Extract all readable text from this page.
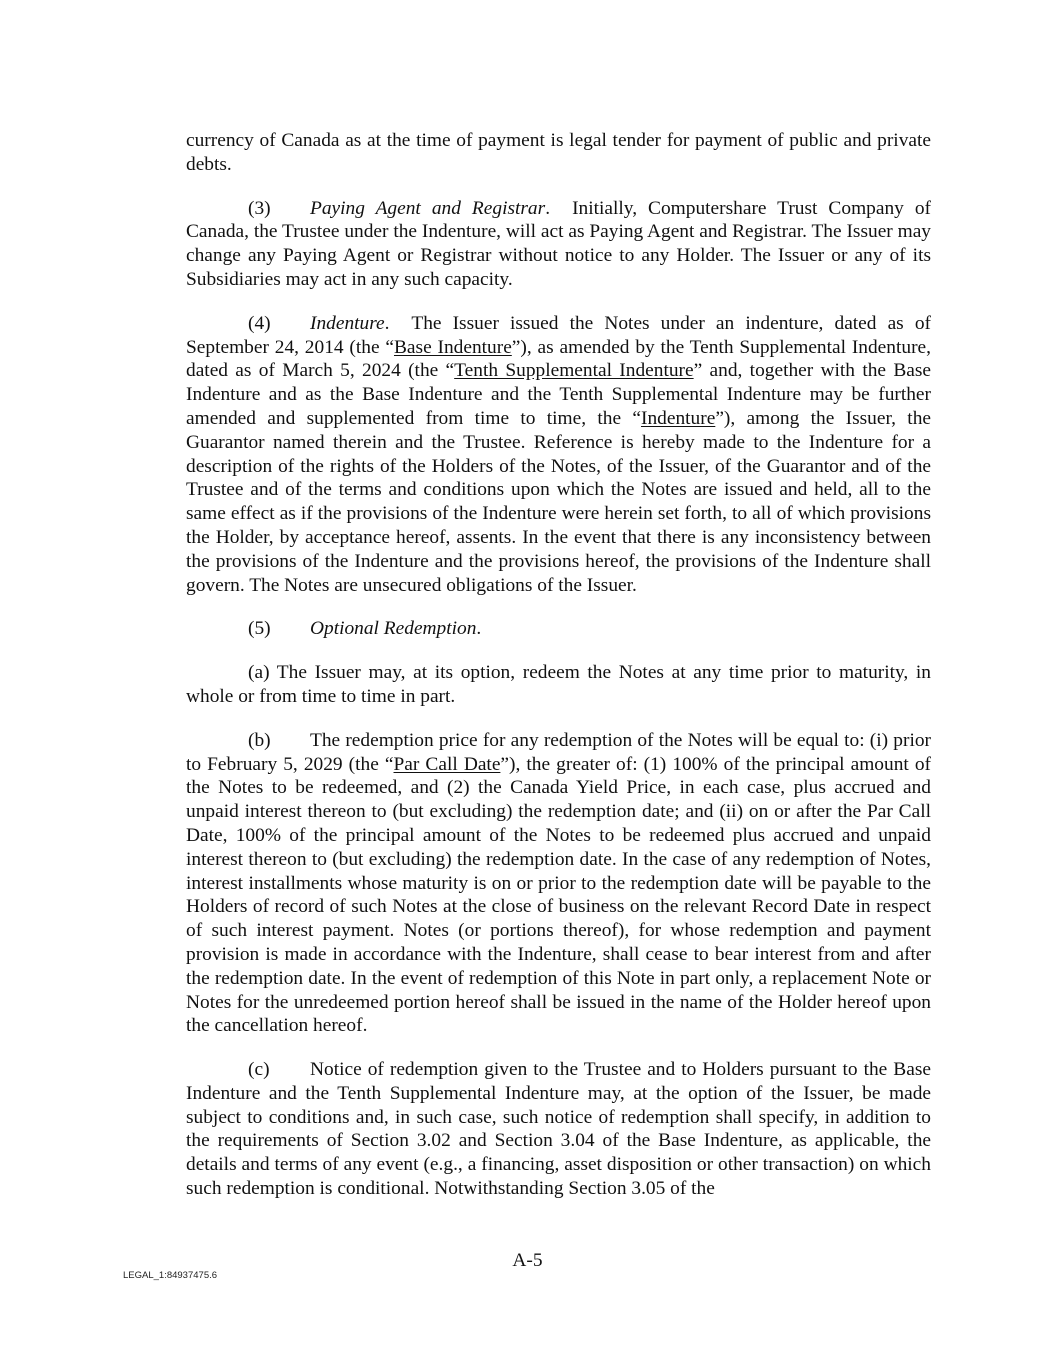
currency of Canada as at the time of payment is legal tender for payment of public and private debts.

(3) Paying Agent and Registrar.  Initially, Computershare Trust Company of Canada, the Trustee under the Indenture, will act as Paying Agent and Registrar. The Issuer may change any Paying Agent or Registrar without notice to any Holder. The Issuer or any of its Subsidiaries may act in any such capacity.

(4) Indenture.  The Issuer issued the Notes under an indenture, dated as of September 24, 2014 (the “Base Indenture”), as amended by the Tenth Supplemental Indenture, dated as of March 5, 2024 (the “Tenth Supplemental Indenture” and, together with the Base Indenture and as the Base Indenture and the Tenth Supplemental Indenture may be further amended and supplemented from time to time, the “Indenture”), among the Issuer, the Guarantor named therein and the Trustee. Reference is hereby made to the Indenture for a description of the rights of the Holders of the Notes, of the Issuer, of the Guarantor and of the Trustee and of the terms and conditions upon which the Notes are issued and held, all to the same effect as if the provisions of the Indenture were herein set forth, to all of which provisions the Holder, by acceptance hereof, assents. In the event that there is any inconsistency between the provisions of the Indenture and the provisions hereof, the provisions of the Indenture shall govern. The Notes are unsecured obligations of the Issuer.

(5) Optional Redemption.

(a) The Issuer may, at its option, redeem the Notes at any time prior to maturity, in whole or from time to time in part.

(b) The redemption price for any redemption of the Notes will be equal to: (i) prior to February 5, 2029 (the “Par Call Date”), the greater of: (1) 100% of the principal amount of the Notes to be redeemed, and (2) the Canada Yield Price, in each case, plus accrued and unpaid interest thereon to (but excluding) the redemption date; and (ii) on or after the Par Call Date, 100% of the principal amount of the Notes to be redeemed plus accrued and unpaid interest thereon to (but excluding) the redemption date. In the case of any redemption of Notes, interest installments whose maturity is on or prior to the redemption date will be payable to the Holders of record of such Notes at the close of business on the relevant Record Date in respect of such interest payment. Notes (or portions thereof), for whose redemption and payment provision is made in accordance with the Indenture, shall cease to bear interest from and after the redemption date. In the event of redemption of this Note in part only, a replacement Note or Notes for the unredeemed portion hereof shall be issued in the name of the Holder hereof upon the cancellation hereof.

(c) Notice of redemption given to the Trustee and to Holders pursuant to the Base Indenture and the Tenth Supplemental Indenture may, at the option of the Issuer, be made subject to conditions and, in such case, such notice of redemption shall specify, in addition to the requirements of Section 3.02 and Section 3.04 of the Base Indenture, as applicable, the details and terms of any event (e.g., a financing, asset disposition or other transaction) on which such redemption is conditional. Notwithstanding Section 3.05 of the

A-5
LEGAL_1:84937475.6
